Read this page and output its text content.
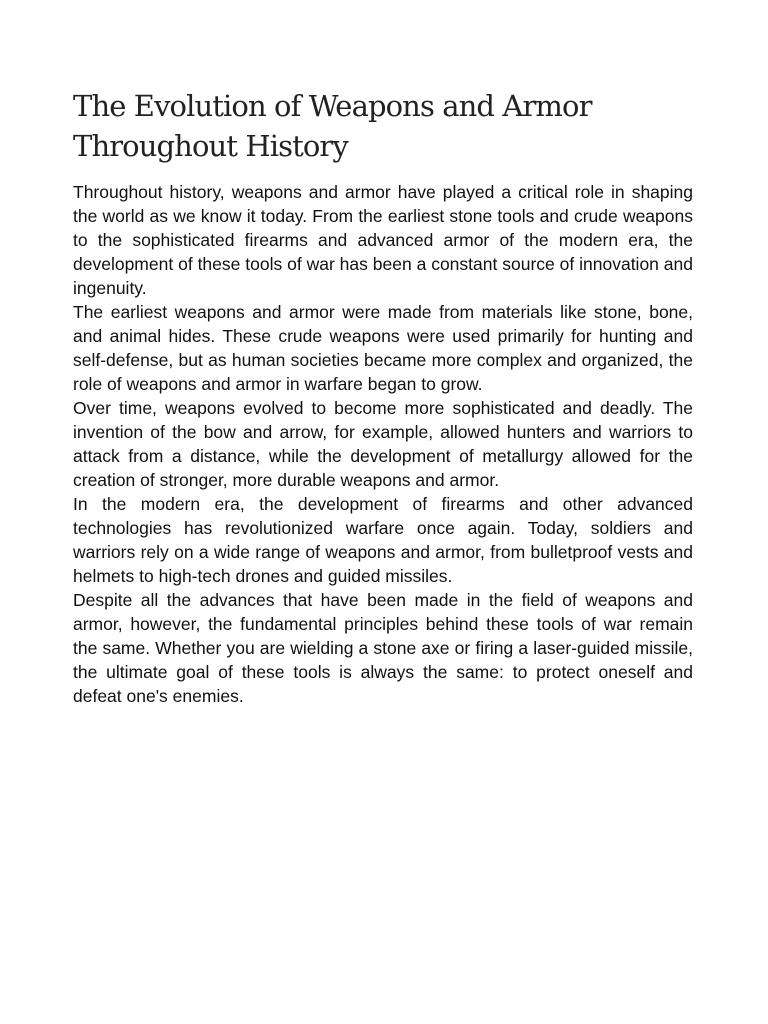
The Evolution of Weapons and Armor Throughout History

Throughout history, weapons and armor have played a critical role in shaping the world as we know it today. From the earliest stone tools and crude weapons to the sophisticated firearms and advanced armor of the modern era, the development of these tools of war has been a constant source of innovation and ingenuity.

The earliest weapons and armor were made from materials like stone, bone, and animal hides. These crude weapons were used primarily for hunting and self-defense, but as human societies became more complex and organized, the role of weapons and armor in warfare began to grow.

Over time, weapons evolved to become more sophisticated and deadly. The invention of the bow and arrow, for example, allowed hunters and warriors to attack from a distance, while the development of metallurgy allowed for the creation of stronger, more durable weapons and armor.

In the modern era, the development of firearms and other advanced technologies has revolutionized warfare once again. Today, soldiers and warriors rely on a wide range of weapons and armor, from bulletproof vests and helmets to high-tech drones and guided missiles.

Despite all the advances that have been made in the field of weapons and armor, however, the fundamental principles behind these tools of war remain the same. Whether you are wielding a stone axe or firing a laser-guided missile, the ultimate goal of these tools is always the same: to protect oneself and defeat one's enemies.
